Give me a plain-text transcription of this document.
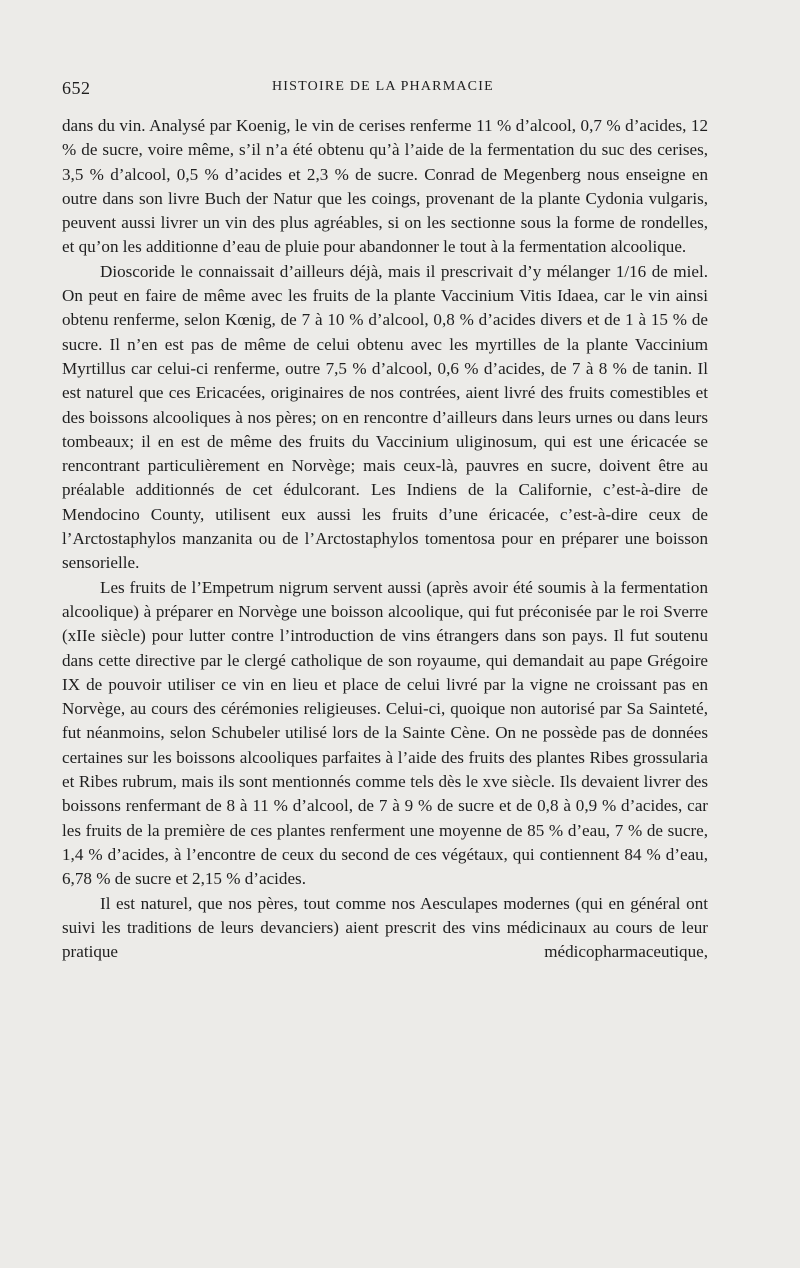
652	HISTOIRE DE LA PHARMACIE

dans du vin. Analysé par Koenig, le vin de cerises renferme 11 % d’alcool, 0,7 % d’acides, 12 % de sucre, voire même, s’il n’a été obtenu qu’à l’aide de la fermentation du suc des cerises, 3,5 % d’alcool, 0,5 % d’acides et 2,3 % de sucre. Conrad de Megenberg nous enseigne en outre dans son livre Buch der Natur que les coings, provenant de la plante Cydonia vulgaris, peuvent aussi livrer un vin des plus agréables, si on les sectionne sous la forme de rondelles, et qu’on les additionne d’eau de pluie pour abandonner le tout à la fermentation alcoolique.

Dioscoride le connaissait d’ailleurs déjà, mais il prescrivait d’y mélanger 1/16 de miel. On peut en faire de même avec les fruits de la plante Vaccinium Vitis Idaea, car le vin ainsi obtenu renferme, selon Kœnig, de 7 à 10 % d’alcool, 0,8 % d’acides divers et de 1 à 15 % de sucre. Il n’en est pas de même de celui obtenu avec les myrtilles de la plante Vaccinium Myrtillus car celui-ci renferme, outre 7,5 % d’alcool, 0,6 % d’acides, de 7 à 8 % de tanin. Il est naturel que ces Ericacées, originaires de nos contrées, aient livré des fruits comestibles et des boissons alcooliques à nos pères; on en rencontre d’ailleurs dans leurs urnes ou dans leurs tombeaux; il en est de même des fruits du Vaccinium uliginosum, qui est une éricacée se rencontrant particulièrement en Norvège; mais ceux-là, pauvres en sucre, doivent être au préalable additionnés de cet édulcorant. Les Indiens de la Californie, c’est-à-dire de Mendocino County, utilisent eux aussi les fruits d’une éricacée, c’est-à-dire ceux de l’Arctostaphylos manzanita ou de l’Arctostaphylos tomentosa pour en préparer une boisson sensorielle.

Les fruits de l’Empetrum nigrum servent aussi (après avoir été soumis à la fermentation alcoolique) à préparer en Norvège une boisson alcoolique, qui fut préconisée par le roi Sverre (xIIe siècle) pour lutter contre l’introduction de vins étrangers dans son pays. Il fut soutenu dans cette directive par le clergé catholique de son royaume, qui demandait au pape Grégoire IX de pouvoir utiliser ce vin en lieu et place de celui livré par la vigne ne croissant pas en Norvège, au cours des cérémonies religieuses. Celui-ci, quoique non autorisé par Sa Sainteté, fut néanmoins, selon Schubeler utilisé lors de la Sainte Cène. On ne possède pas de données certaines sur les boissons alcooliques parfaites à l’aide des fruits des plantes Ribes grossularia et Ribes rubrum, mais ils sont mentionnés comme tels dès le xve siècle. Ils devaient livrer des boissons renfermant de 8 à 11 % d’alcool, de 7 à 9 % de sucre et de 0,8 à 0,9 % d’acides, car les fruits de la première de ces plantes renferment une moyenne de 85 % d’eau, 7 % de sucre, 1,4 % d’acides, à l’encontre de ceux du second de ces végétaux, qui contiennent 84 % d’eau, 6,78 % de sucre et 2,15 % d’acides.

Il est naturel, que nos pères, tout comme nos Aesculapes modernes (qui en général ont suivi les traditions de leurs devanciers) aient prescrit des vins médicinaux au cours de leur pratique médicopharmaceutique,
